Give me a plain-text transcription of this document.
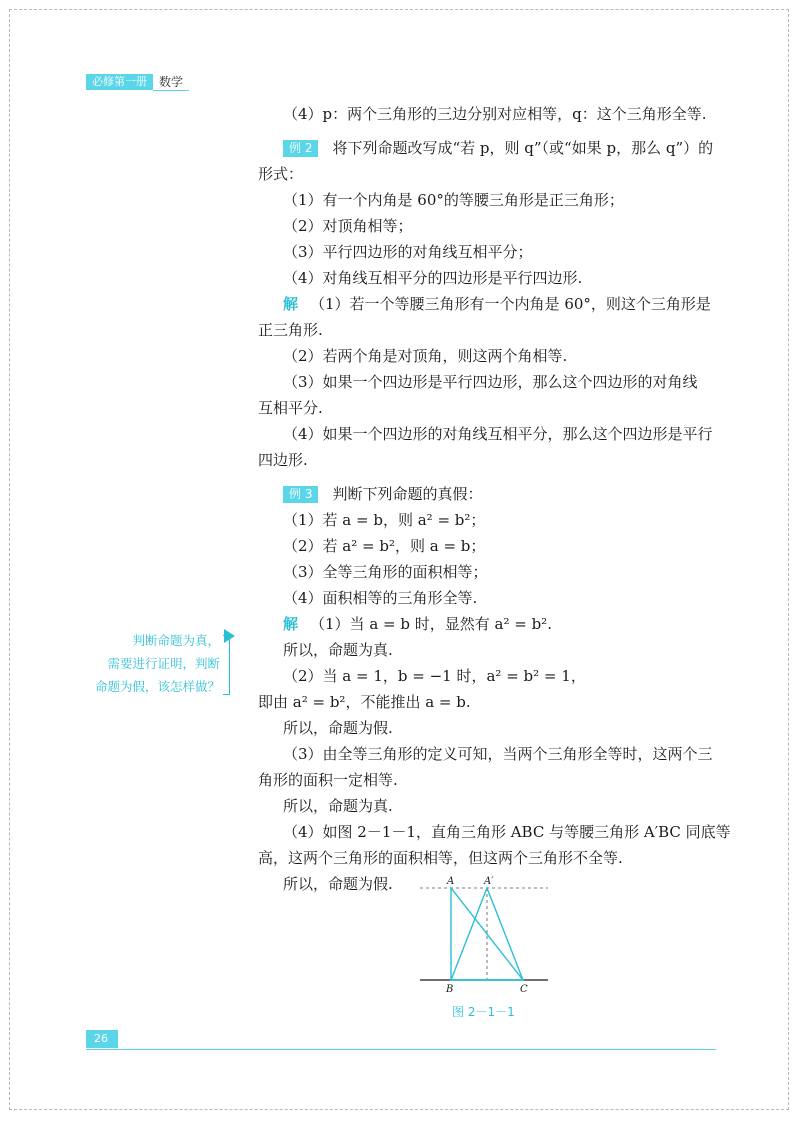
必修第一册	数学
（4）p：两个三角形的三边分别对应相等，q：这个三角形全等.
例 2 将下列命题改写成“若 p，则 q”（或“如果 p，那么 q”）的
形式：
（1）有一个内角是 60°的等腰三角形是正三角形；
（2）对顶角相等；
（3）平行四边形的对角线互相平分；
（4）对角线互相平分的四边形是平行四边形.
解 （1）若一个等腰三角形有一个内角是 60°，则这个三角形是
正三角形.
（2）若两个角是对顶角，则这两个角相等.
（3）如果一个四边形是平行四边形，那么这个四边形的对角线
互相平分.
（4）如果一个四边形的对角线互相平分，那么这个四边形是平行
四边形.
例 3 判断下列命题的真假：
（1）若 a = b，则 a² = b²；
（2）若 a² = b²，则 a = b；
（3）全等三角形的面积相等；
（4）面积相等的三角形全等.
解 （1）当 a = b 时，显然有 a² = b².
所以，命题为真.
（2）当 a = 1，b = −1 时，a² = b² = 1，
即由 a² = b²，不能推出 a = b.
所以，命题为假.
（3）由全等三角形的定义可知，当两个三角形全等时，这两个三
角形的面积一定相等.
所以，命题为真.
（4）如图 2－1－1，直角三角形 ABC 与等腰三角形 A′BC 同底等
高，这两个三角形的面积相等，但这两个三角形不全等.
所以，命题为假.
判断命题为真，
需要进行证明，判断
命题为假，该怎样做？
A	A′
B	C
图 2－1－1
26
